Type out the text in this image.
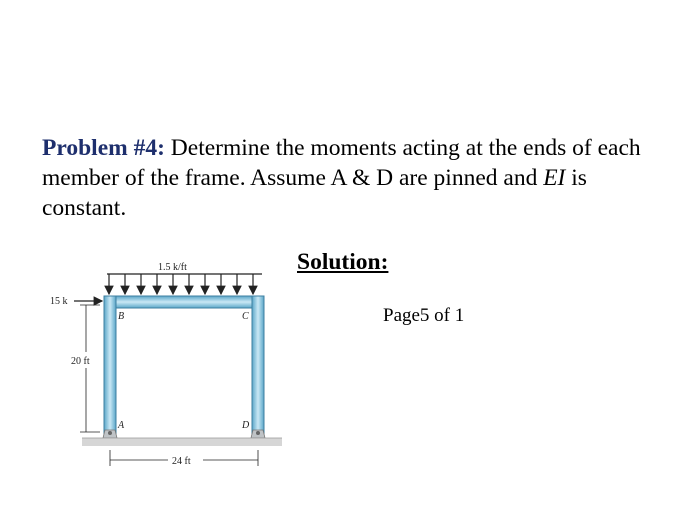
Problem #4: Determine the moments acting at the ends of each member of the frame. Assume A & D are pinned and EI is constant.
Solution:
Page5 of 1
1.5 k/ft
B	C
A	D
15 k
20 ft
24 ft
